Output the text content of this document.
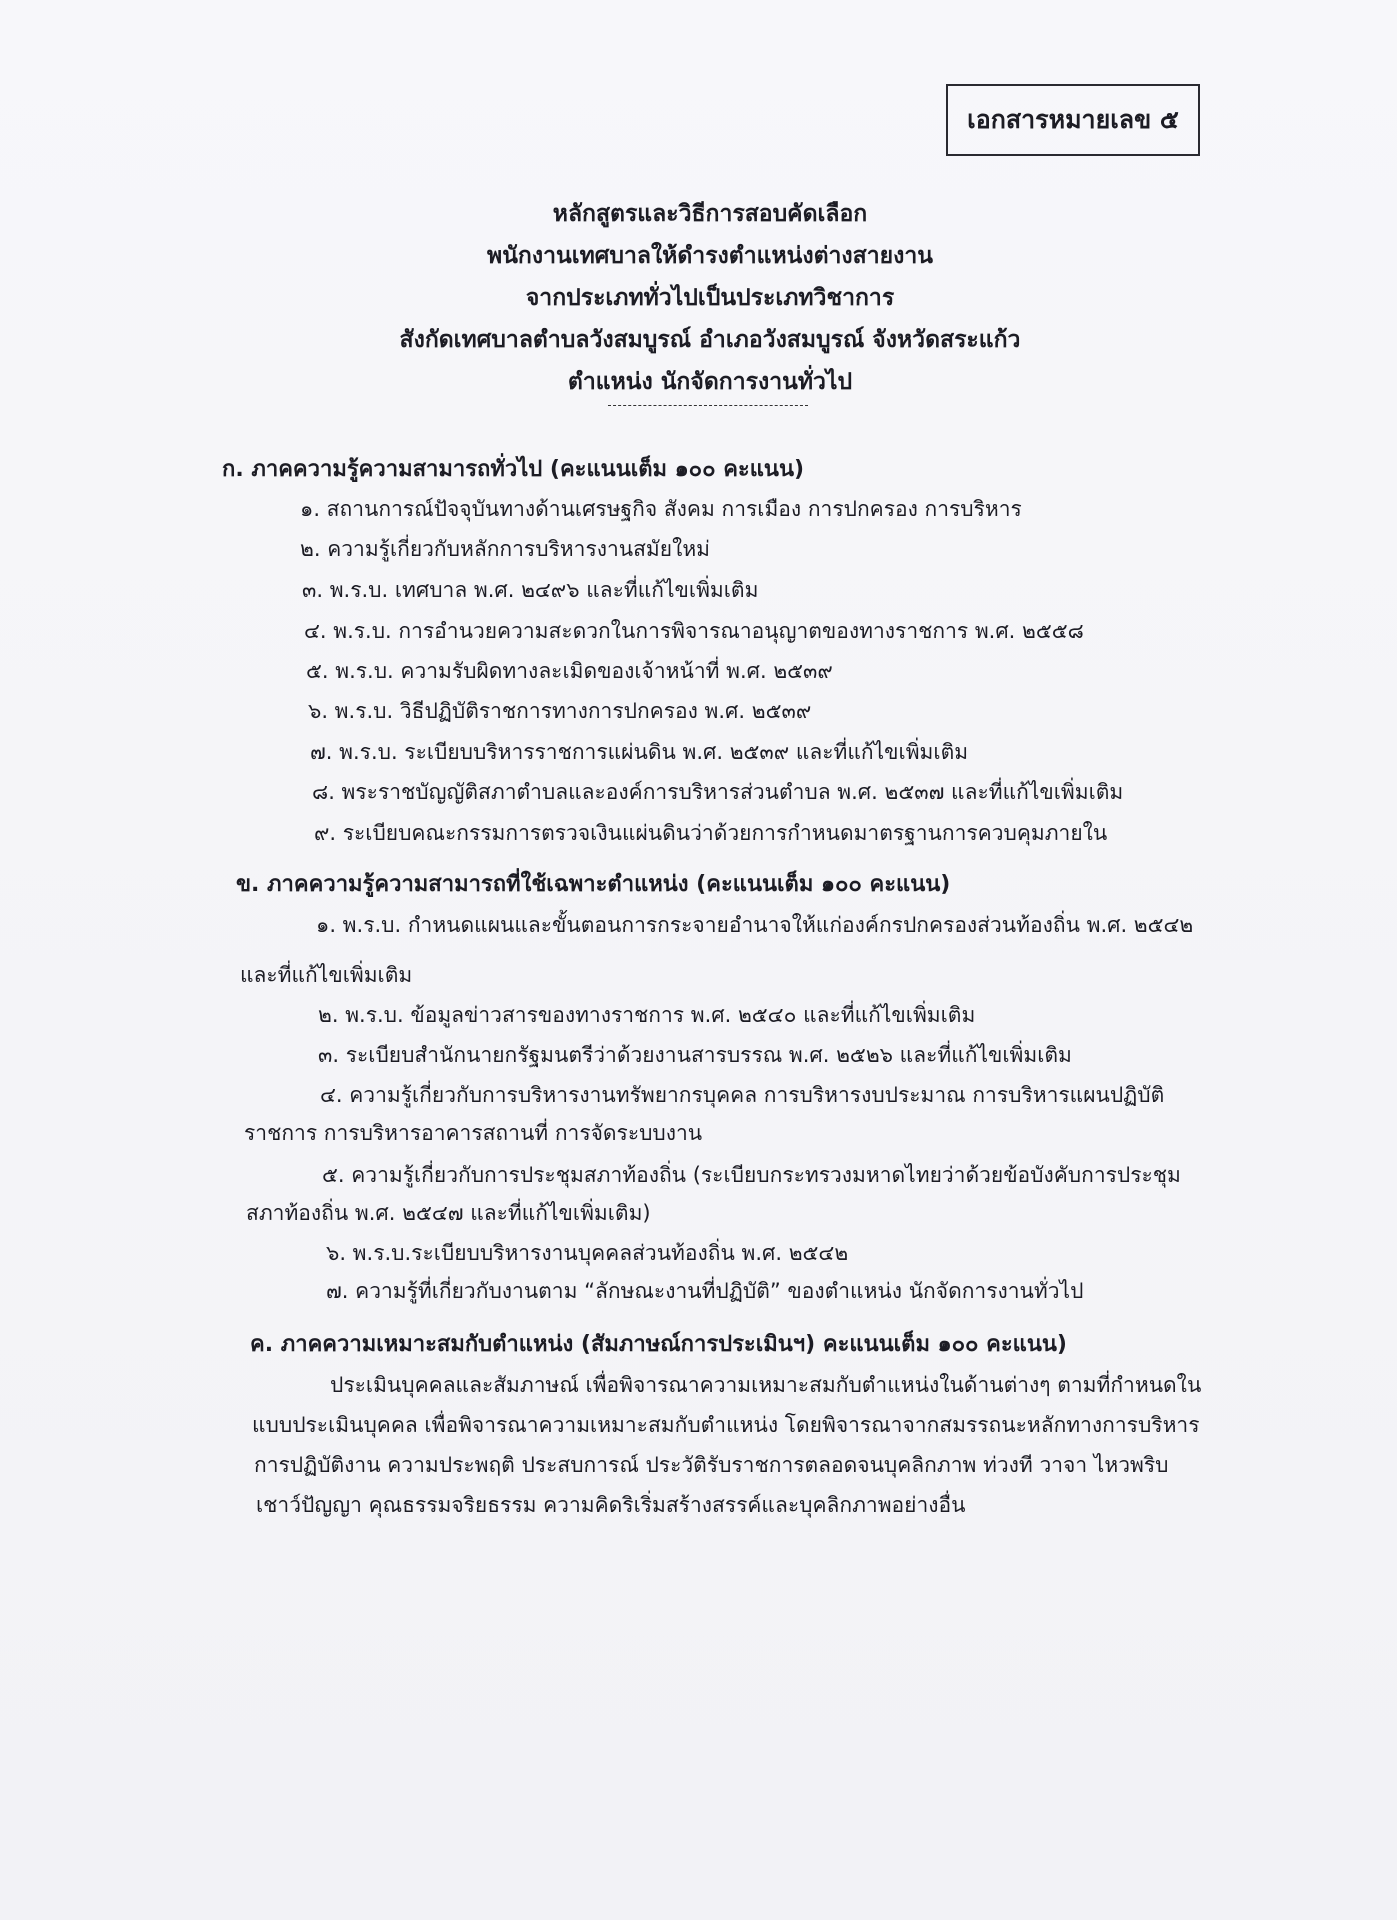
เอกสารหมายเลข ๕
หลักสูตรและวิธีการสอบคัดเลือก
พนักงานเทศบาลให้ดำรงตำแหน่งต่างสายงาน
จากประเภททั่วไปเป็นประเภทวิชาการ
สังกัดเทศบาลตำบลวังสมบูรณ์ อำเภอวังสมบูรณ์ จังหวัดสระแก้ว
ตำแหน่ง นักจัดการงานทั่วไป
ก. ภาคความรู้ความสามารถทั่วไป (คะแนนเต็ม ๑๐๐ คะแนน)
๑. สถานการณ์ปัจจุบันทางด้านเศรษฐกิจ สังคม การเมือง การปกครอง การบริหาร
๒. ความรู้เกี่ยวกับหลักการบริหารงานสมัยใหม่
๓. พ.ร.บ. เทศบาล พ.ศ. ๒๔๙๖ และที่แก้ไขเพิ่มเติม
๔. พ.ร.บ. การอำนวยความสะดวกในการพิจารณาอนุญาตของทางราชการ พ.ศ. ๒๕๕๘
๕. พ.ร.บ. ความรับผิดทางละเมิดของเจ้าหน้าที่ พ.ศ. ๒๕๓๙
๖. พ.ร.บ. วิธีปฏิบัติราชการทางการปกครอง พ.ศ. ๒๕๓๙
๗. พ.ร.บ. ระเบียบบริหารราชการแผ่นดิน พ.ศ. ๒๕๓๙ และที่แก้ไขเพิ่มเติม
๘. พระราชบัญญัติสภาตำบลและองค์การบริหารส่วนตำบล พ.ศ. ๒๕๓๗ และที่แก้ไขเพิ่มเติม
๙. ระเบียบคณะกรรมการตรวจเงินแผ่นดินว่าด้วยการกำหนดมาตรฐานการควบคุมภายใน
ข. ภาคความรู้ความสามารถที่ใช้เฉพาะตำแหน่ง (คะแนนเต็ม ๑๐๐ คะแนน)
๑. พ.ร.บ. กำหนดแผนและขั้นตอนการกระจายอำนาจให้แก่องค์กรปกครองส่วนท้องถิ่น พ.ศ. ๒๕๔๒
และที่แก้ไขเพิ่มเติม
๒. พ.ร.บ. ข้อมูลข่าวสารของทางราชการ พ.ศ. ๒๕๔๐ และที่แก้ไขเพิ่มเติม
๓. ระเบียบสำนักนายกรัฐมนตรีว่าด้วยงานสารบรรณ พ.ศ. ๒๕๒๖ และที่แก้ไขเพิ่มเติม
๔. ความรู้เกี่ยวกับการบริหารงานทรัพยากรบุคคล การบริหารงบประมาณ การบริหารแผนปฏิบัติ
ราชการ การบริหารอาคารสถานที่ การจัดระบบงาน
๕. ความรู้เกี่ยวกับการประชุมสภาท้องถิ่น (ระเบียบกระทรวงมหาดไทยว่าด้วยข้อบังคับการประชุม
สภาท้องถิ่น พ.ศ. ๒๕๔๗ และที่แก้ไขเพิ่มเติม)
๖. พ.ร.บ.ระเบียบบริหารงานบุคคลส่วนท้องถิ่น พ.ศ. ๒๕๔๒
๗. ความรู้ที่เกี่ยวกับงานตาม “ลักษณะงานที่ปฏิบัติ” ของตำแหน่ง นักจัดการงานทั่วไป
ค. ภาคความเหมาะสมกับตำแหน่ง (สัมภาษณ์การประเมินฯ) คะแนนเต็ม ๑๐๐ คะแนน)
ประเมินบุคคลและสัมภาษณ์ เพื่อพิจารณาความเหมาะสมกับตำแหน่งในด้านต่างๆ ตามที่กำหนดใน
แบบประเมินบุคคล เพื่อพิจารณาความเหมาะสมกับตำแหน่ง โดยพิจารณาจากสมรรถนะหลักทางการบริหาร
การปฏิบัติงาน ความประพฤติ ประสบการณ์ ประวัติรับราชการตลอดจนบุคลิกภาพ ท่วงที วาจา ไหวพริบ
เชาว์ปัญญา คุณธรรมจริยธรรม ความคิดริเริ่มสร้างสรรค์และบุคลิกภาพอย่างอื่น
